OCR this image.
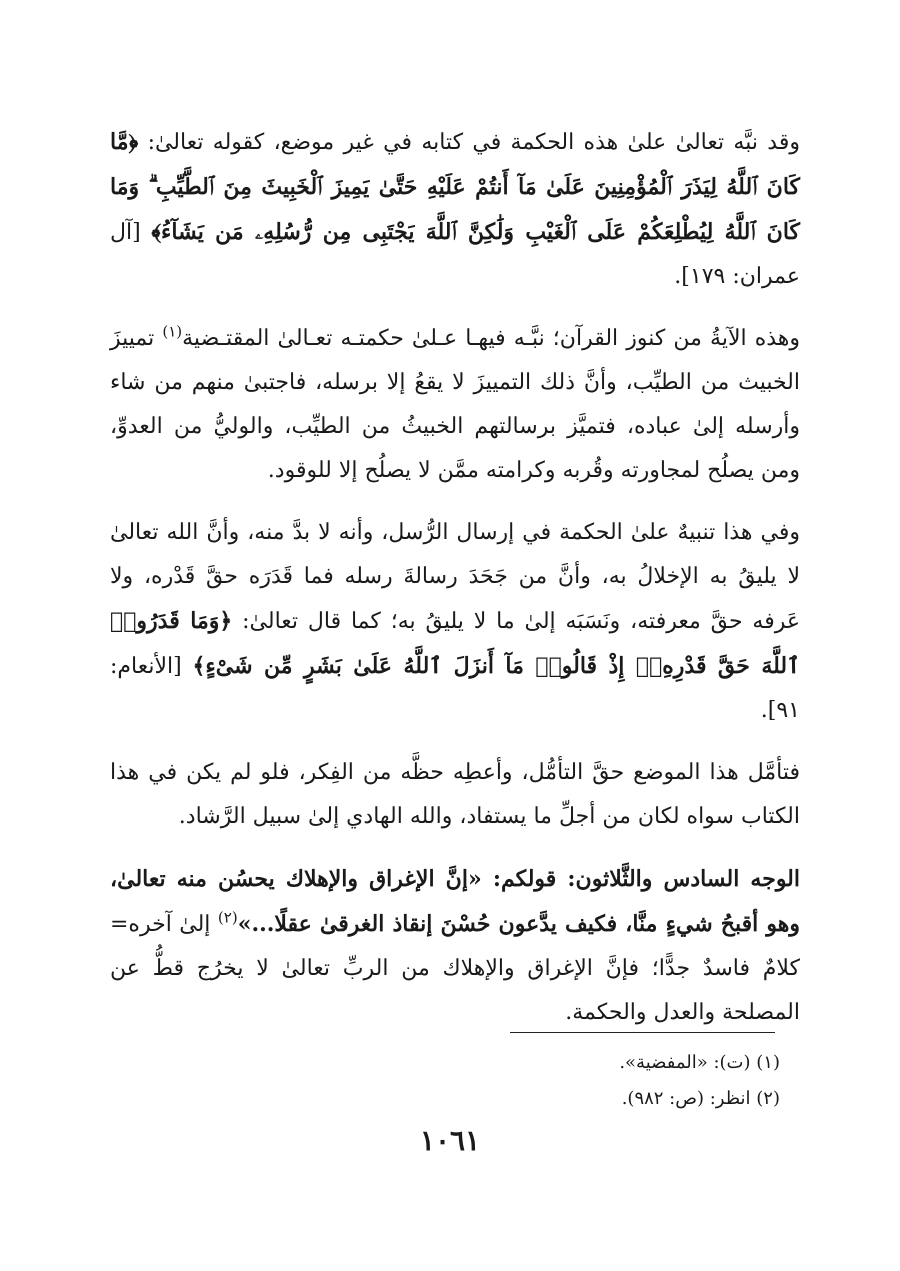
وقد نبَّه تعالىٰ علىٰ هذه الحكمة في كتابه في غير موضع، كقوله تعالىٰ: ﴿مَّا كَانَ ٱللَّهُ لِيَذَرَ ٱلْمُؤْمِنِينَ عَلَىٰ مَآ أَنتُمْ عَلَيْهِ حَتَّىٰ يَمِيزَ ٱلْخَبِيثَ مِنَ ٱلطَّيِّبِ ۗ وَمَا كَانَ ٱللَّهُ لِيُطْلِعَكُمْ عَلَى ٱلْغَيْبِ وَلَٰكِنَّ ٱللَّهَ يَجْتَبِى مِن رُّسُلِهِۦ مَن يَشَآءُ﴾ [آل عمران: ١٧٩].

وهذه الآيةُ من كنوز القرآن؛ نبَّـه فيهـا عـلىٰ حكمتـه تعـالىٰ المقتـضية$^{(١)}$ تمييزَ الخبيث من الطيِّب، وأنَّ ذلك التمييزَ لا يقعُ إلا برسله، فاجتبىٰ منهم من شاء وأرسله إلىٰ عباده، فتميَّز برسالتهم الخبيثُ من الطيِّب، والوليُّ من العدوِّ، ومن يصلُح لمجاورته وقُربه وكرامته ممَّن لا يصلُح إلا للوقود.

وفي هذا تنبيهٌ علىٰ الحكمة في إرسال الرُّسل، وأنه لا بدَّ منه، وأنَّ الله تعالىٰ لا يليقُ به الإخلالُ به، وأنَّ من جَحَدَ رسالةَ رسله فما قَدَرَه حقَّ قَدْره، ولا عَرفه حقَّ معرفته، ونَسَبَه إلىٰ ما لا يليقُ به؛ كما قال تعالىٰ: ﴿وَمَا قَدَرُوا۟ ٱللَّهَ حَقَّ قَدْرِهِۦٓ إِذْ قَالُوا۟ مَآ أَنزَلَ ٱللَّهُ عَلَىٰ بَشَرٍ مِّن شَىْءٍ﴾ [الأنعام: ٩١].

فتأمَّل هذا الموضع حقَّ التأمُّل، وأعطِه حظَّه من الفِكر، فلو لم يكن في هذا الكتاب سواه لكان من أجلِّ ما يستفاد، والله الهادي إلىٰ سبيل الرَّشاد.

الوجه السادس والثَّلاثون: قولكم: «إنَّ الإغراق والإهلاك يحسُن منه تعالىٰ، وهو أقبحُ شيءٍ منَّا، فكيف يدَّعون حُسْنَ إنقاذ الغرقىٰ عقلًا...»$^{(٢)}$ إلىٰ آخره= كلامٌ فاسدٌ جدًّا؛ فإنَّ الإغراق والإهلاك من الربِّ تعالىٰ لا يخرُج قطُّ عن المصلحة والعدل والحكمة.

(١) (ت): «المفضية».

(٢) انظر: (ص: ٩٨٢).

١٠٦١
